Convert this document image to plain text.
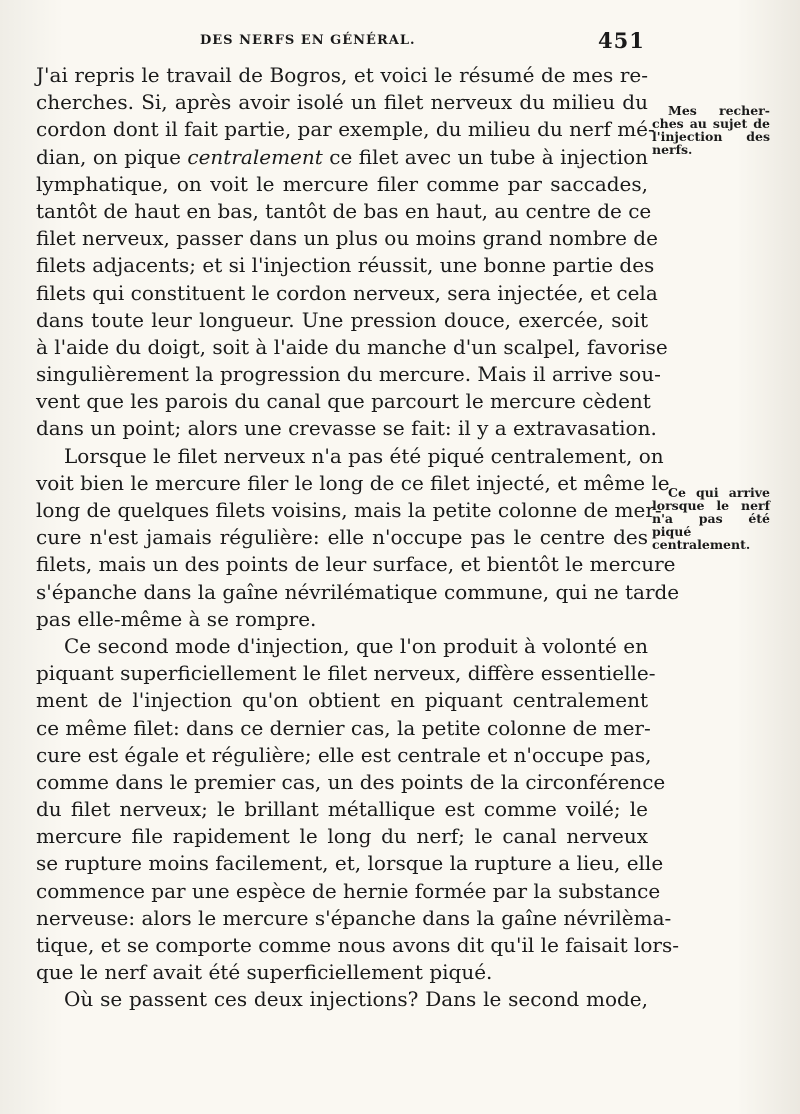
DES NERFS EN GÉNÉRAL.	451
J'ai repris le travail de Bogros, et voici le résumé de mes re-
cherches. Si, après avoir isolé un filet nerveux du milieu du
cordon dont il fait partie, par exemple, du milieu du nerf mé-
dian, on pique centralement ce filet avec un tube à injection
lymphatique, on voit le mercure filer comme par saccades,
tantôt de haut en bas, tantôt de bas en haut, au centre de ce
filet nerveux, passer dans un plus ou moins grand nombre de
filets adjacents; et si l'injection réussit, une bonne partie des
filets qui constituent le cordon nerveux, sera injectée, et cela
dans toute leur longueur. Une pression douce, exercée, soit
à l'aide du doigt, soit à l'aide du manche d'un scalpel, favorise
singulièrement la progression du mercure. Mais il arrive sou-
vent que les parois du canal que parcourt le mercure cèdent
dans un point; alors une crevasse se fait: il y a extravasation.
Lorsque le filet nerveux n'a pas été piqué centralement, on
voit bien le mercure filer le long de ce filet injecté, et même le
long de quelques filets voisins, mais la petite colonne de mer-
cure n'est jamais régulière: elle n'occupe pas le centre des
filets, mais un des points de leur surface, et bientôt le mercure
s'épanche dans la gaîne névrilématique commune, qui ne tarde
pas elle-même à se rompre.
Ce second mode d'injection, que l'on produit à volonté en
piquant superficiellement le filet nerveux, diffère essentielle-
ment de l'injection qu'on obtient en piquant centralement
ce même filet: dans ce dernier cas, la petite colonne de mer-
cure est égale et régulière; elle est centrale et n'occupe pas,
comme dans le premier cas, un des points de la circonférence
du filet nerveux; le brillant métallique est comme voilé; le
mercure file rapidement le long du nerf; le canal nerveux
se rupture moins facilement, et, lorsque la rupture a lieu, elle
commence par une espèce de hernie formée par la substance
nerveuse: alors le mercure s'épanche dans la gaîne névrilèma-
tique, et se comporte comme nous avons dit qu'il le faisait lors-
que le nerf avait été superficiellement piqué.
Où se passent ces deux injections? Dans le second mode,
Mes recher-
ches au sujet de
l'injection des
nerfs.
Ce qui arrive
lorsque le nerf
n'a pas été piqué
centralement.
